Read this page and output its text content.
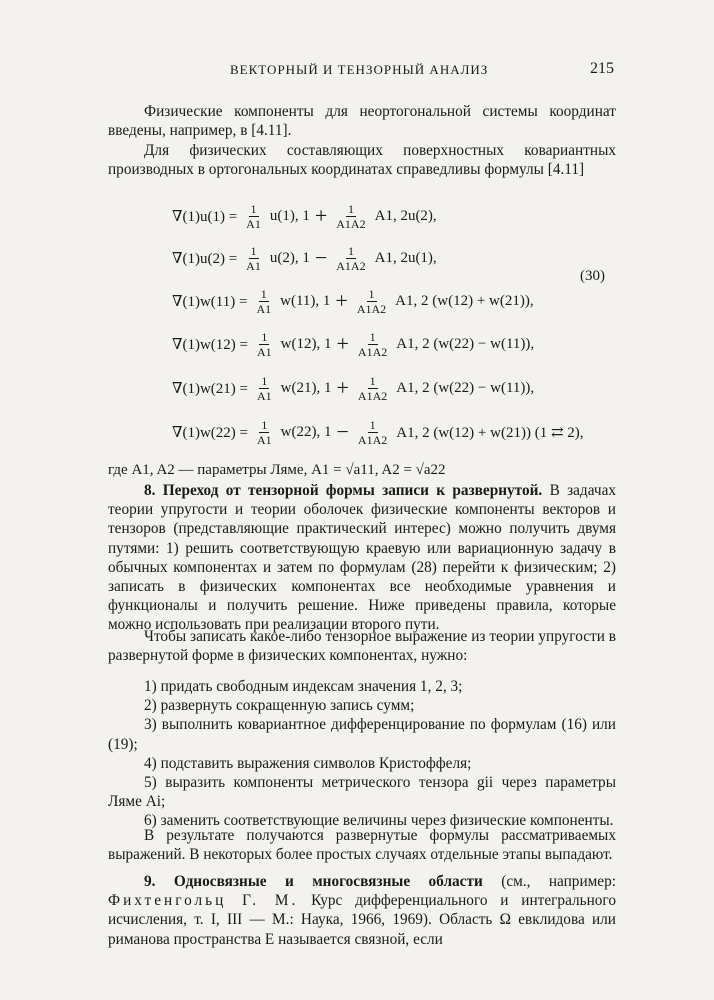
ВЕКТОРНЫЙ И ТЕНЗОРНЫЙ АНАЛИЗ	215
Физические компоненты для неортогональной системы координат введены, например, в [4.11].
Для физических составляющих поверхностных ковариантных производных в ортогональных координатах справедливы формулы [4.11]
$\nabla(1)u(1) = \frac{1}{A1} u(1)$, $1 + \frac{1}{A1A2} A1$, 2u(2),
$\nabla(1)u(2) = \frac{1}{A1} u(2)$, $1 - \frac{1}{A1A2} A1$, 2u(1),
$\nabla(1)w(11) = \frac{1}{A1} w(11)$, $1 + \frac{1}{A1A2} A1$, 2 (w(12) + w(21)),
$\nabla(1)w(12) = \frac{1}{A1} w(12)$, $1 + \frac{1}{A1A2} A1$, 2 (w(22) − w(11)),
$\nabla(1)w(21) = \frac{1}{A1} w(21)$, $1 + \frac{1}{A1A2} A1$, 2 (w(22) − w(11)),
$\nabla(1)w(22) = \frac{1}{A1} w(22)$, $1 - \frac{1}{A1A2} A1$, 2 (w(12) + w(21)) (1 ⇄ 2),
(30)
где A1, A2 — параметры Ляме, A1 = √a11, A2 = √a22
8. Переход от тензорной формы записи к развернутой. В задачах теории упругости и теории оболочек физические компоненты векторов и тензоров (представляющие практический интерес) можно получить двумя путями: 1) решить соответствующую краевую или вариационную задачу в обычных компонентах и затем по формулам (28) перейти к физическим; 2) записать в физических компонентах все необходимые уравнения и функционалы и получить решение. Ниже приведены правила, которые можно использовать при реализации второго пути.
Чтобы записать какое-либо тензорное выражение из теории упругости в развернутой форме в физических компонентах, нужно:
1) придать свободным индексам значения 1, 2, 3;
2) развернуть сокращенную запись сумм;
3) выполнить ковариантное дифференцирование по формулам (16) или (19);
4) подставить выражения символов Кристоффеля;
5) выразить компоненты метрического тензора gii через параметры Ляме Ai;
6) заменить соответствующие величины через физические компоненты.
В результате получаются развернутые формулы рассматриваемых выражений. В некоторых более простых случаях отдельные этапы выпадают.
9. Односвязные и многосвязные области (см., например: Фихтенгольц Г. М. Курс дифференциального и интегрального исчисления, т. I, III — М.: Наука, 1966, 1969). Область Ω евклидова или риманова пространства E называется связной, если
